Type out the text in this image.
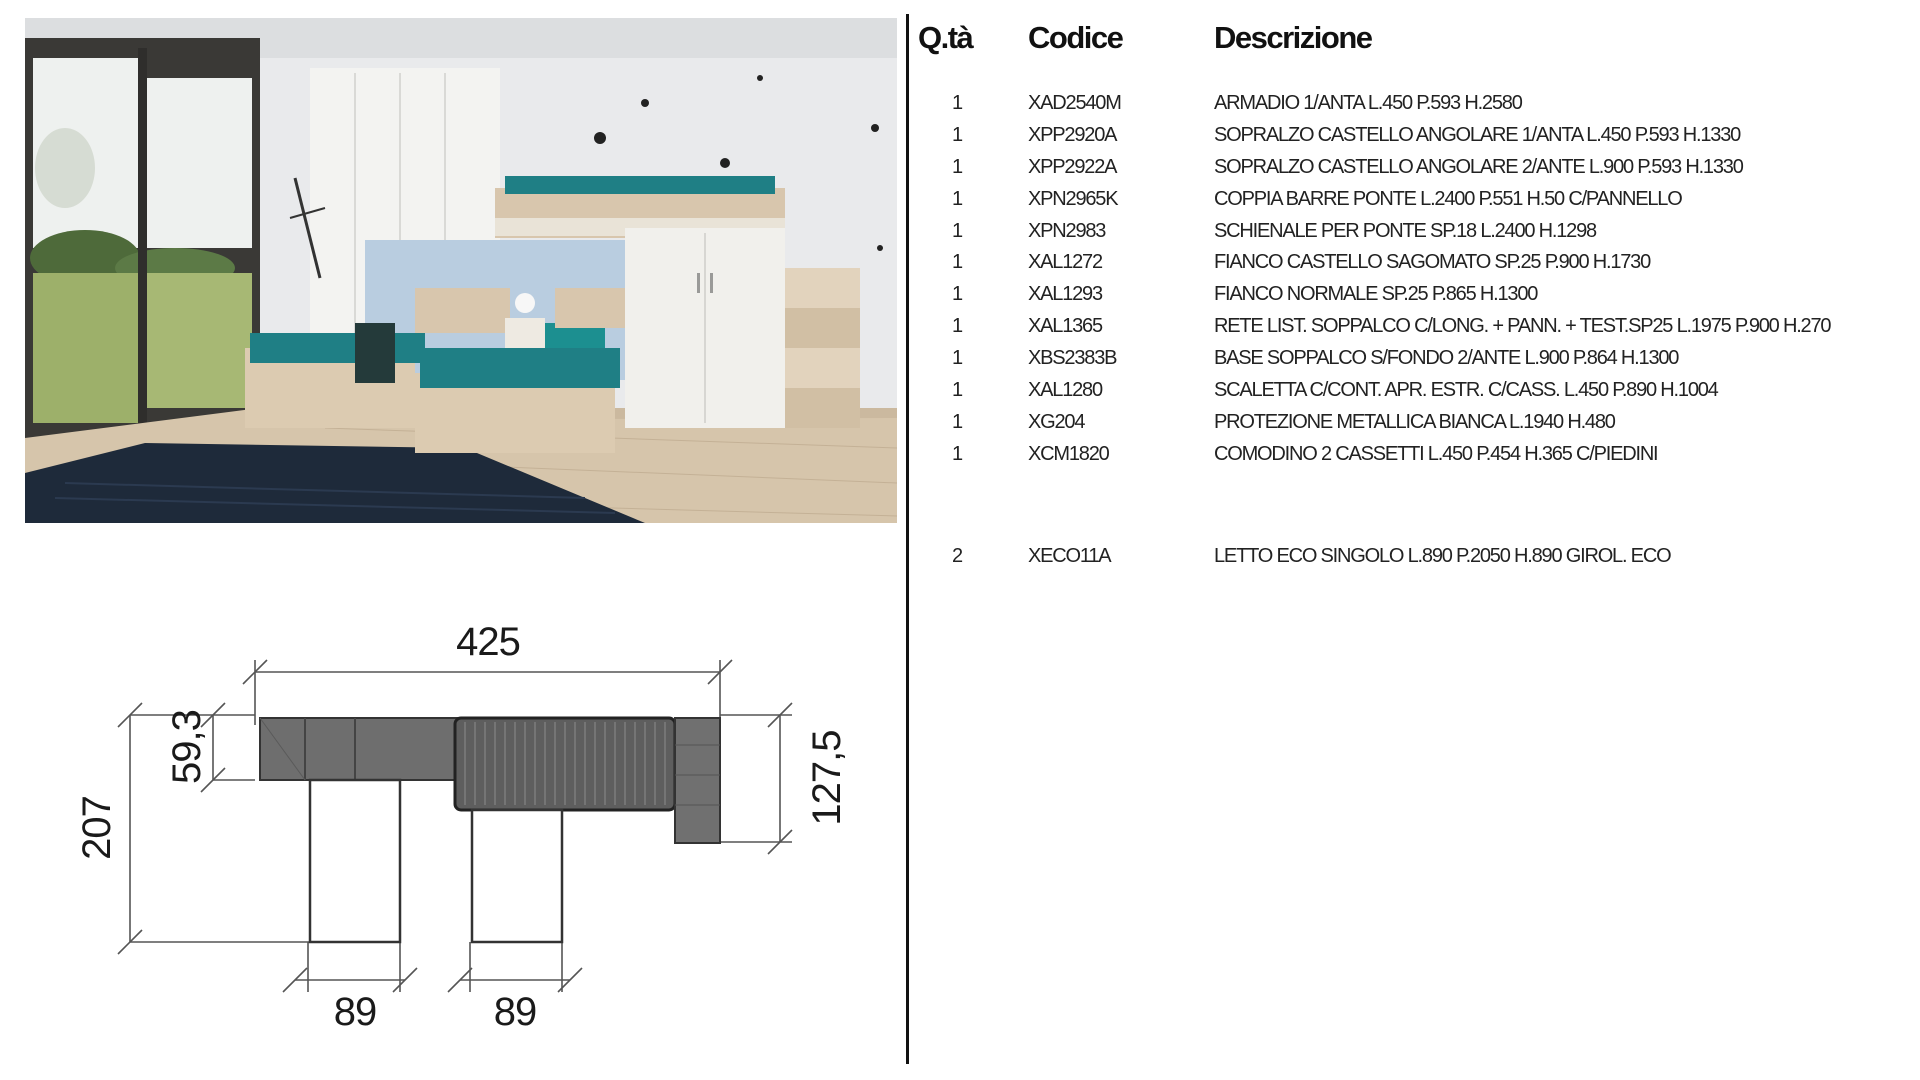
425
207
59,3	127,5
89	89
Q.tà Codice	Descrizione
1	XAD2540M	ARMADIO 1/ANTA L.450 P.593 H.2580
1	XPP2920A	SOPRALZO CASTELLO ANGOLARE 1/ANTA L.450 P.593 H.1330
1	XPP2922A	SOPRALZO CASTELLO ANGOLARE 2/ANTE L.900 P.593 H.1330
1	XPN2965K	COPPIA BARRE PONTE L.2400 P.551 H.50 C/PANNELLO
1	XPN2983	SCHIENALE PER PONTE SP.18 L.2400 H.1298
1	XAL1272	FIANCO CASTELLO SAGOMATO SP.25 P.900 H.1730
1	XAL1293	FIANCO NORMALE SP.25 P.865 H.1300
1	XAL1365	RETE LIST. SOPPALCO C/LONG. + PANN. + TEST.SP25 L.1975 P.900 H.270
1	XBS2383B	BASE SOPPALCO S/FONDO 2/ANTE L.900 P.864 H.1300
1	XAL1280	SCALETTA C/CONT. APR. ESTR. C/CASS. L.450 P.890 H.1004
1	XG204	PROTEZIONE METALLICA BIANCA L.1940 H.480
1	XCM1820	COMODINO 2 CASSETTI L.450 P.454 H.365 C/PIEDINI
2	XECO11A	LETTO ECO SINGOLO L.890 P.2050 H.890 GIROL. ECO
